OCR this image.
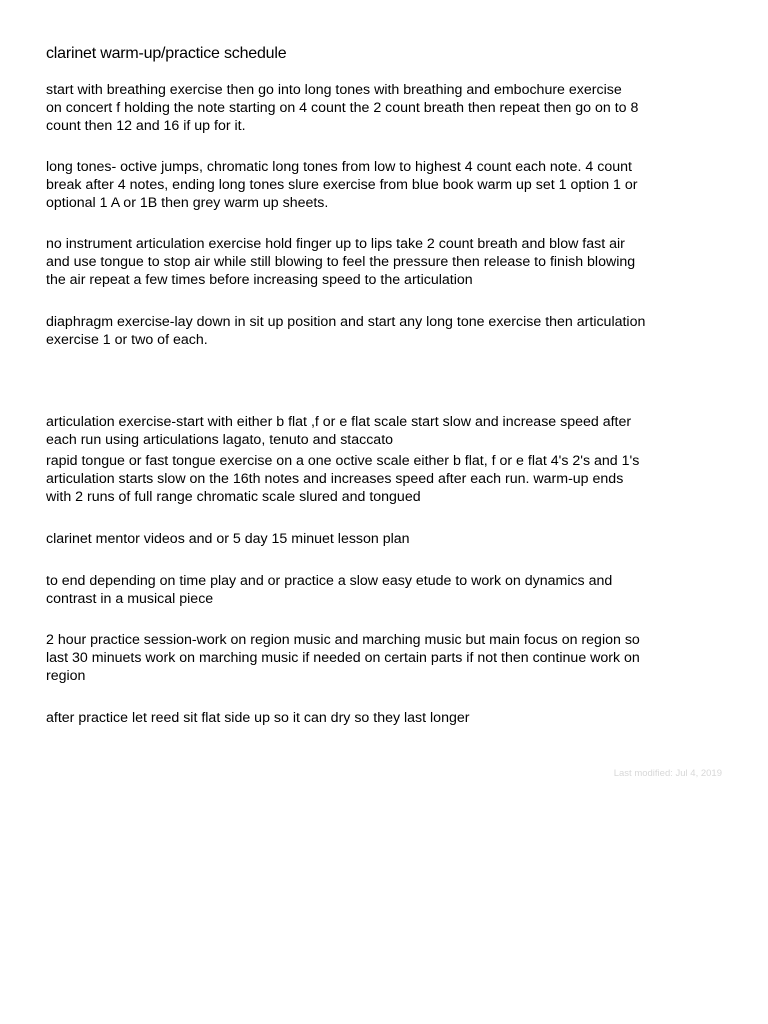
clarinet warm-up/practice schedule

start with breathing exercise then go into long tones with breathing and embochure exercise
on concert f holding the note starting on 4 count the 2 count breath then repeat then go on to 8
count then 12 and 16 if up for it.

long tones- octive jumps, chromatic long tones from low to highest 4 count each note. 4 count
break after 4 notes, ending long tones slure exercise from blue book warm up set 1 option 1 or
optional 1 A or 1B then grey warm up sheets.

no instrument articulation exercise hold finger up to lips take 2 count breath and blow fast air
and use tongue to stop air while still blowing to feel the pressure then release to finish blowing
the air repeat a few times before increasing speed to the articulation

diaphragm exercise-lay down in sit up position and start any long tone exercise then articulation
exercise 1 or two of each.

articulation exercise-start with either b flat ,f or e flat scale start slow and increase speed after
each run using articulations lagato, tenuto and staccato

rapid tongue or fast tongue exercise on a one octive scale either b flat, f or e flat 4's 2's and 1's
articulation starts slow on the 16th notes and increases speed after each run. warm-up ends
with 2 runs of full range chromatic scale slured and tongued

clarinet mentor videos and or 5 day 15 minuet lesson plan

to end depending on time play and or practice a slow easy etude to work on dynamics and
contrast in a musical piece

2 hour practice session-work on region music and marching music but main focus on region so
last 30 minuets work on marching music if needed on certain parts if not then continue work on
region

after practice let reed sit flat side up so it can dry so they last longer

Last modified: Jul 4, 2019
